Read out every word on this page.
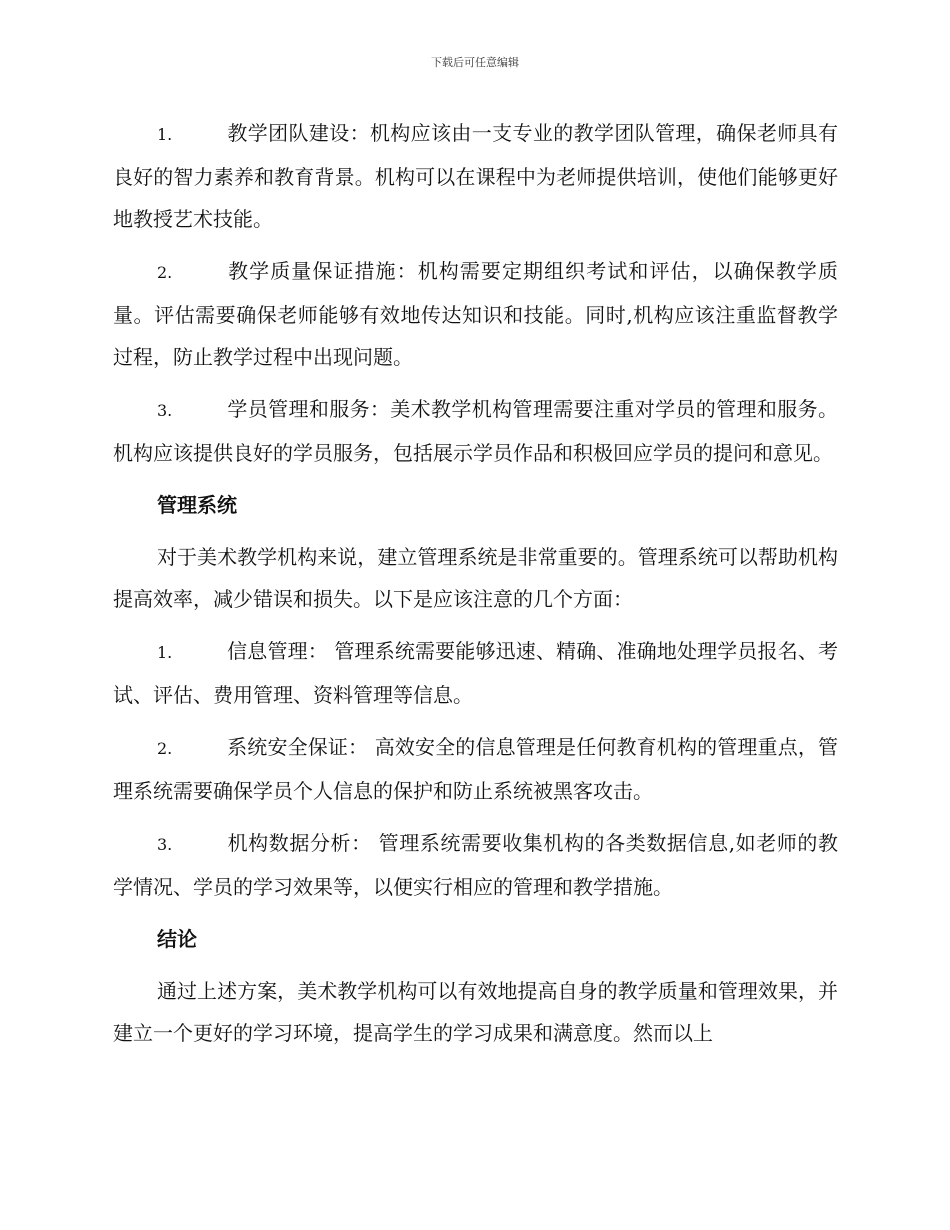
下载后可任意编辑

1.	教学团队建设：机构应该由一支专业的教学团队管理，确保老师具有良好的智力素养和教育背景。机构可以在课程中为老师提供培训，使他们能够更好地教授艺术技能。

2.	教学质量保证措施：机构需要定期组织考试和评估，以确保教学质量。评估需要确保老师能够有效地传达知识和技能。同时,机构应该注重监督教学过程，防止教学过程中出现问题。

3.	学员管理和服务：美术教学机构管理需要注重对学员的管理和服务。机构应该提供良好的学员服务，包括展示学员作品和积极回应学员的提问和意见。

管理系统

对于美术教学机构来说，建立管理系统是非常重要的。管理系统可以帮助机构提高效率，减少错误和损失。以下是应该注意的几个方面：

1.	信息管理： 管理系统需要能够迅速、精确、准确地处理学员报名、考试、评估、费用管理、资料管理等信息。

2.	系统安全保证： 高效安全的信息管理是任何教育机构的管理重点，管理系统需要确保学员个人信息的保护和防止系统被黑客攻击。

3.	机构数据分析： 管理系统需要收集机构的各类数据信息,如老师的教学情况、学员的学习效果等，以便实行相应的管理和教学措施。

结论

通过上述方案，美术教学机构可以有效地提高自身的教学质量和管理效果，并建立一个更好的学习环境，提高学生的学习成果和满意度。然而以上
